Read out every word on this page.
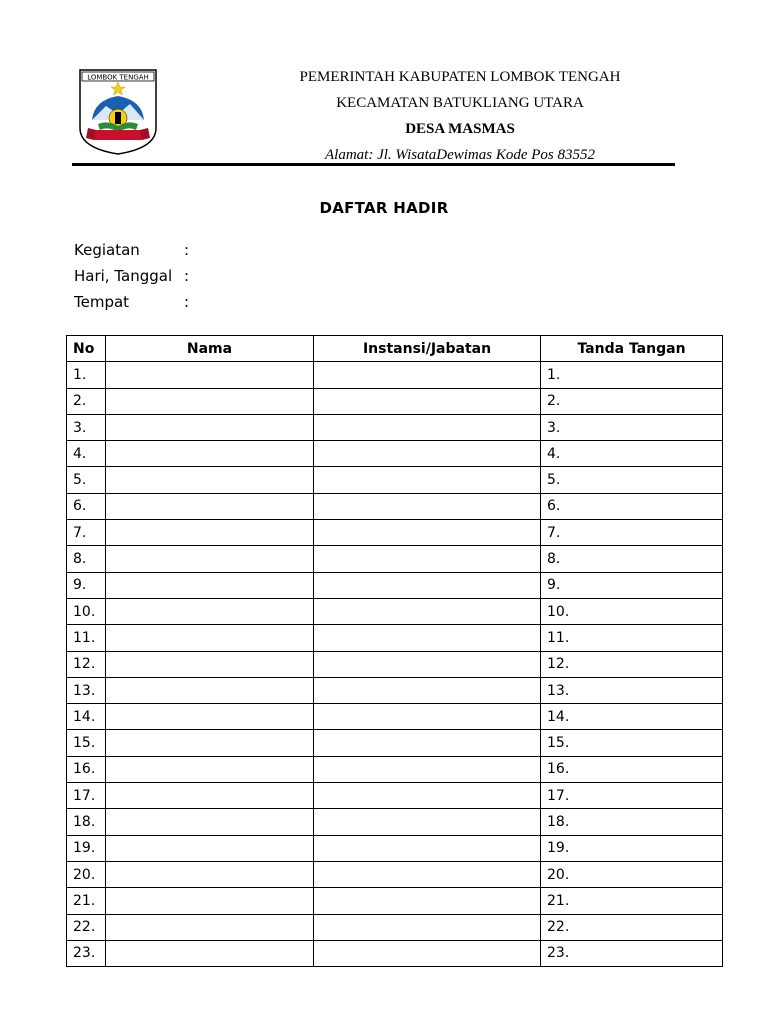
LOMBOK TENGAH	PEMERINTAH KABUPATEN LOMBOK TENGAH
KECAMATAN BATUKLIANG UTARA
DESA MASMAS
Alamat: Jl. WisataDewimas Kode Pos 83552
DAFTAR HADIR
Kegiatan	:
Hari, Tanggal :
Tempat	:
No	Nama	Instansi/Jabatan	Tanda Tangan
1.			1.
2.			2.
3.			3.
4.			4.
5.			5.
6.			6.
7.			7.
8.			8.
9.			9.
10.			10.
11.			11.
12.			12.
13.			13.
14.			14.
15.			15.
16.			16.
17.			17.
18.			18.
19.			19.
20.			20.
21.			21.
22.			22.
23.			23.
